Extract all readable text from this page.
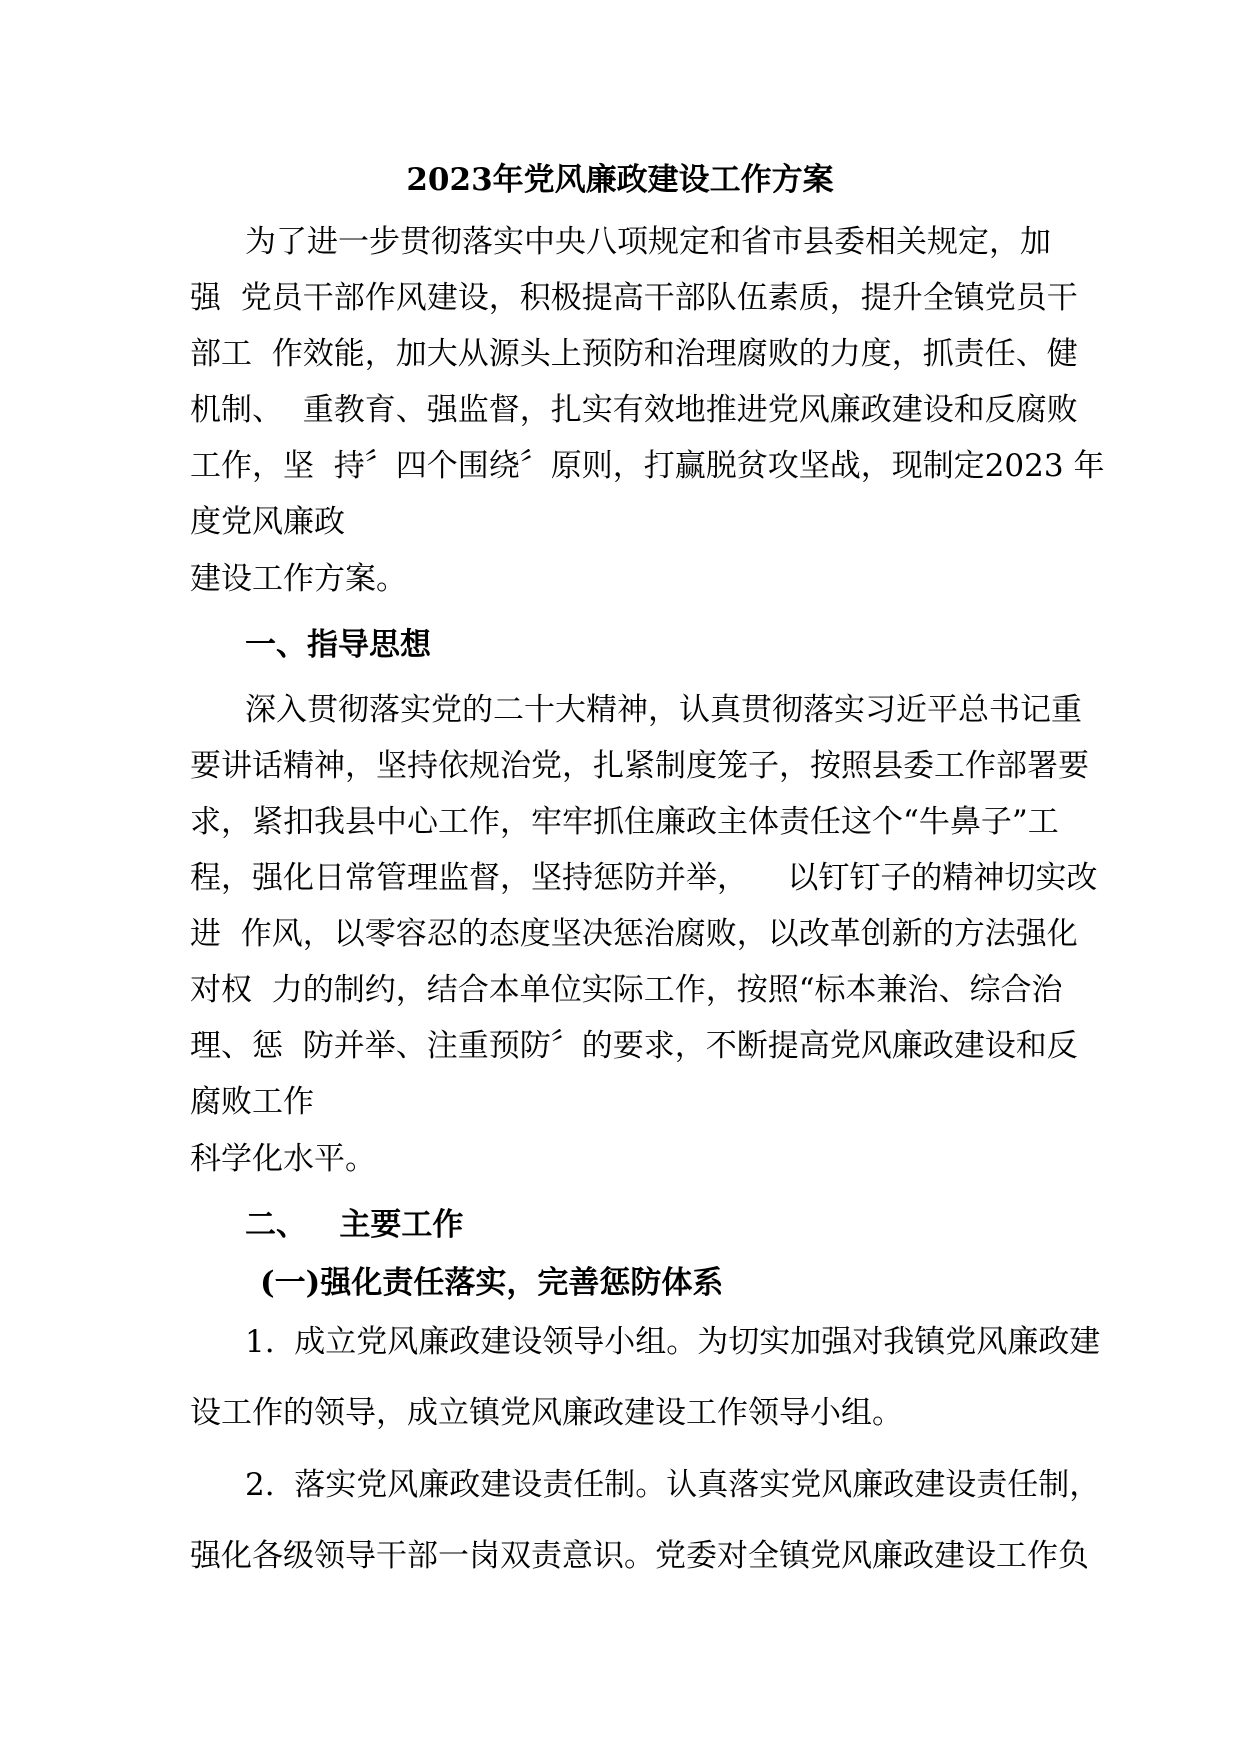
2023年党风廉政建设工作方案

为了进一步贯彻落实中央八项规定和省市县委相关规定，加

强  党员干部作风建设，积极提高干部队伍素质，提升全镇党员干

部工  作效能，加大从源头上预防和治理腐败的力度，抓责任、健

机制、  重教育、强监督，扎实有效地推进党风廉政建设和反腐败

工作，坚  持〞四个围绕〞原则，打赢脱贫攻坚战，现制定2023 年

度党风廉政

建设工作方案。

一、指导思想

深入贯彻落实党的二十大精神，认真贯彻落实习近平总书记重

要讲话精神，坚持依规治党，扎紧制度笼子，按照县委工作部署要

求，紧扣我县中心工作，牢牢抓住廉政主体责任这个“牛鼻子”工

程，强化日常管理监督，坚持惩防并举，    以钉钉子的精神切实改

进  作风，以零容忍的态度坚决惩治腐败，以改革创新的方法强化

对权  力的制约，结合本单位实际工作，按照“标本兼治、综合治

理、惩  防并举、注重预防〞的要求，不断提高党风廉政建设和反

腐败工作

科学化水平。

二、   主要工作

(一)强化责任落实，完善惩防体系

1.  成立党风廉政建设领导小组。为切实加强对我镇党风廉政建

设工作的领导，成立镇党风廉政建设工作领导小组。

2.  落实党风廉政建设责任制。认真落实党风廉政建设责任制，

强化各级领导干部一岗双责意识。党委对全镇党风廉政建设工作负
